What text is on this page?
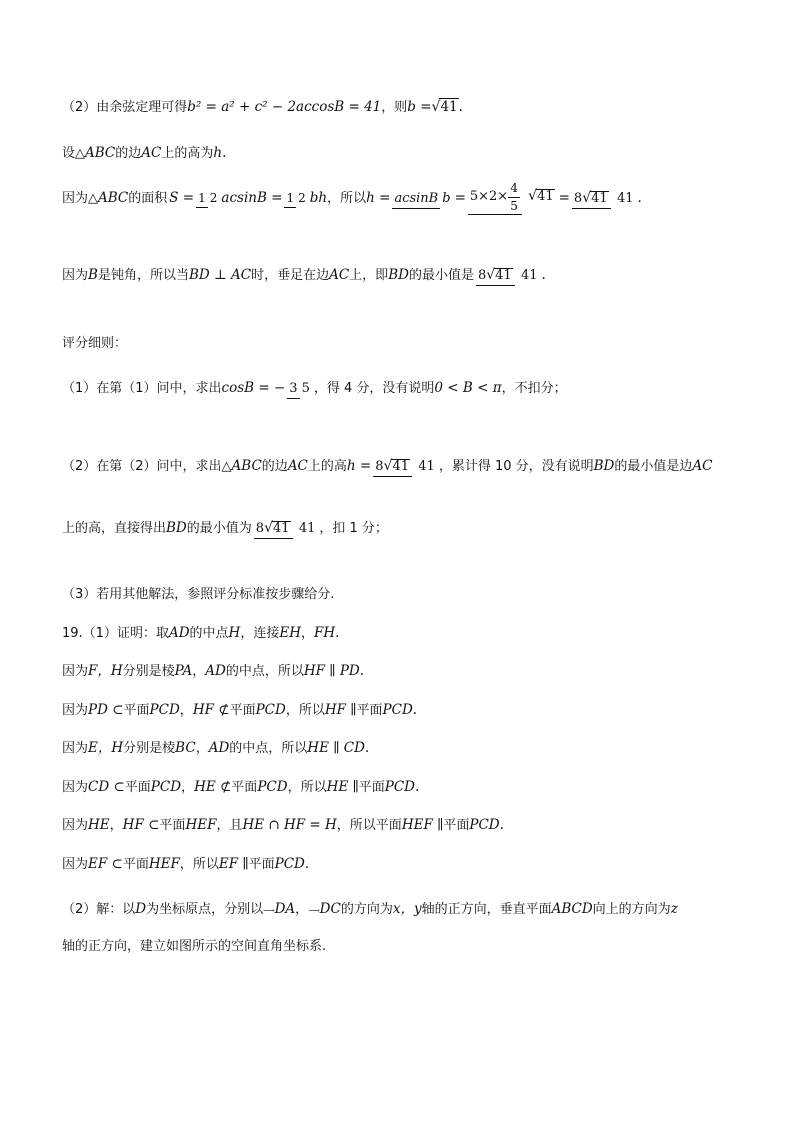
（2）由余弦定理可得 b² = a² + c² − 2accosB = 41 ，则 b = √41 .
设△ ABC 的边 AC 上的高为 h .
因为△ ABC 的面积 S = 1 2 acsinB = 1 2 bh ，所以 h = acsinB $b = 5\times 2\times \frac{4}{5}$
√ 41 = 8 √ 41 41 .
因为 B 是钝角，所以当 BD ⊥ AC 时，垂足在边 AC 上，即 BD 的最小值是 8 √ 41 41 .
评分细则：
（1）在第（1）问中，求出 cosB = − 3 5 ，得 4 分，没有说明 0 < B < π ，不扣分；
（2）在第（2）问中，求出△ ABC 的边 AC 上的高 h = 8 √ 41 41 ，累计得 10 分，没有说明 BD 的最小值是边 AC
上的高，直接得出 BD 的最小值为 8 √ 41 41 ，扣 1 分；
（3）若用其他解法，参照评分标准按步骤给分.
19.（1）证明：取 AD 的中点 H ，连接 EH ， FH .
因为 F，H 分别是棱 PA ， AD 的中点，所以 HF ∥ PD .
因为 PD ⊂ 平面 PCD ， HF ⊄ 平面 PCD ，所以 HF ∥ 平面 PCD .
因为 E，H 分别是棱 BC ， AD 的中点，所以 HE ∥ CD .
因为 CD ⊂ 平面 PCD ， HE ⊄ 平面 PCD ，所以 HE ∥ 平面 PCD .
因为 HE ， HF ⊂ 平面 HEF ，且 HE ∩ HF = H ，所以平面 HEF ∥ 平面 PCD .
因为 EF ⊂ 平面 HEF ，所以 EF ∥ 平面 PCD .
（2）解：以 D 为坐标原点，分别以 ⟶DA ， ⟶DC 的方向为 x，y 轴的正方向，垂直平面 ABCD 向上的方向为 z
轴的正方向，建立如图所示的空间直角坐标系.
